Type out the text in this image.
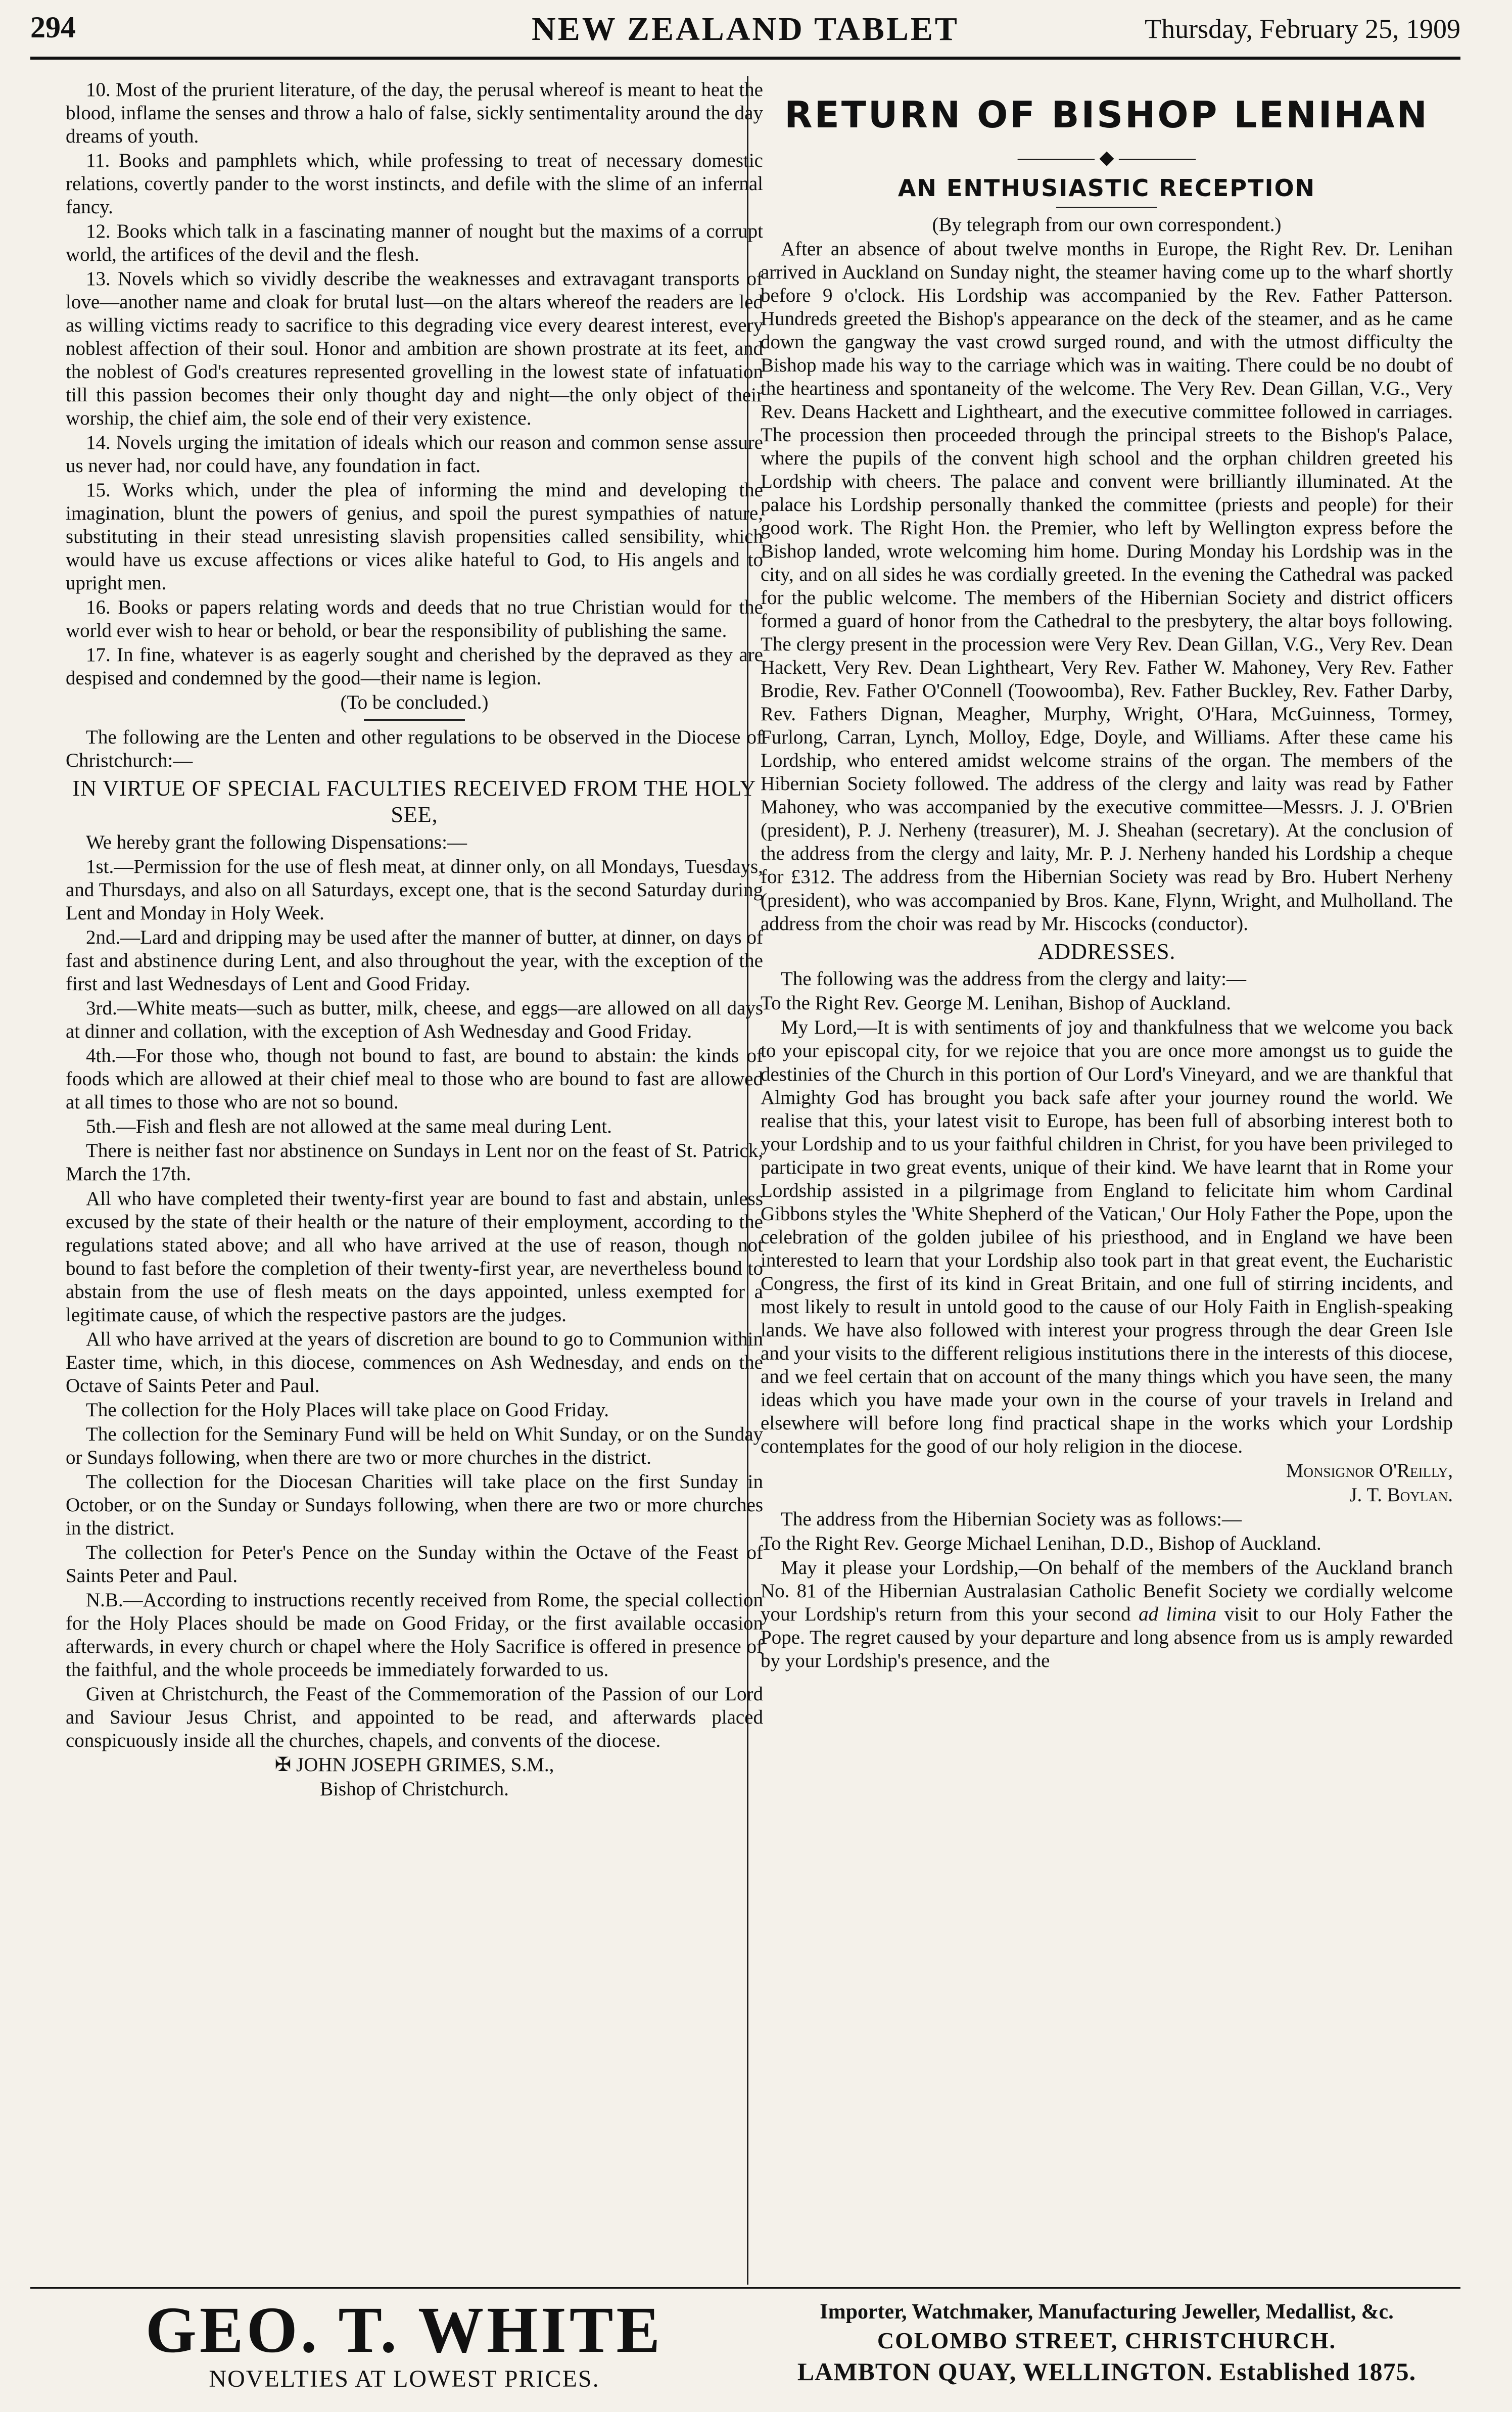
294	NEW ZEALAND TABLET	Thursday, February 25, 1909

10. Most of the prurient literature, of the day, the perusal whereof is meant to heat the blood, inflame the senses and throw a halo of false, sickly sentimentality around the day dreams of youth.

11. Books and pamphlets which, while professing to treat of necessary domestic relations, covertly pander to the worst instincts, and defile with the slime of an infernal fancy.

12. Books which talk in a fascinating manner of nought but the maxims of a corrupt world, the artifices of the devil and the flesh.

13. Novels which so vividly describe the weaknesses and extravagant transports of love—another name and cloak for brutal lust—on the altars whereof the readers are led as willing victims ready to sacrifice to this degrading vice every dearest interest, every noblest affection of their soul. Honor and ambition are shown prostrate at its feet, and the noblest of God's creatures represented grovelling in the lowest state of infatuation till this passion becomes their only thought day and night—the only object of their worship, the chief aim, the sole end of their very existence.

14. Novels urging the imitation of ideals which our reason and common sense assure us never had, nor could have, any foundation in fact.

15. Works which, under the plea of informing the mind and developing the imagination, blunt the powers of genius, and spoil the purest sympathies of nature, substituting in their stead unresisting slavish propensities called sensibility, which would have us excuse affections or vices alike hateful to God, to His angels and to upright men.

16. Books or papers relating words and deeds that no true Christian would for the world ever wish to hear or behold, or bear the responsibility of publishing the same.

17. In fine, whatever is as eagerly sought and cherished by the depraved as they are despised and condemned by the good—their name is legion.

(To be concluded.)

The following are the Lenten and other regulations to be observed in the Diocese of Christchurch:—

IN VIRTUE OF SPECIAL FACULTIES RECEIVED FROM THE HOLY SEE,

We hereby grant the following Dispensations:—

1st.—Permission for the use of flesh meat, at dinner only, on all Mondays, Tuesdays, and Thursdays, and also on all Saturdays, except one, that is the second Saturday during Lent and Monday in Holy Week.

2nd.—Lard and dripping may be used after the manner of butter, at dinner, on days of fast and abstinence during Lent, and also throughout the year, with the exception of the first and last Wednesdays of Lent and Good Friday.

3rd.—White meats—such as butter, milk, cheese, and eggs—are allowed on all days at dinner and collation, with the exception of Ash Wednesday and Good Friday.

4th.—For those who, though not bound to fast, are bound to abstain: the kinds of foods which are allowed at their chief meal to those who are bound to fast are allowed at all times to those who are not so bound.

5th.—Fish and flesh are not allowed at the same meal during Lent.

There is neither fast nor abstinence on Sundays in Lent nor on the feast of St. Patrick, March the 17th.

All who have completed their twenty-first year are bound to fast and abstain, unless excused by the state of their health or the nature of their employment, according to the regulations stated above; and all who have arrived at the use of reason, though not bound to fast before the completion of their twenty-first year, are nevertheless bound to abstain from the use of flesh meats on the days appointed, unless exempted for a legitimate cause, of which the respective pastors are the judges.

All who have arrived at the years of discretion are bound to go to Communion within Easter time, which, in this diocese, commences on Ash Wednesday, and ends on the Octave of Saints Peter and Paul.

The collection for the Holy Places will take place on Good Friday.

The collection for the Seminary Fund will be held on Whit Sunday, or on the Sunday or Sundays following, when there are two or more churches in the district.

The collection for the Diocesan Charities will take place on the first Sunday in October, or on the Sunday or Sundays following, when there are two or more churches in the district.

The collection for Peter's Pence on the Sunday within the Octave of the Feast of Saints Peter and Paul.

N.B.—According to instructions recently received from Rome, the special collection for the Holy Places should be made on Good Friday, or the first available occasion afterwards, in every church or chapel where the Holy Sacrifice is offered in presence of the faithful, and the whole proceeds be immediately forwarded to us.

Given at Christchurch, the Feast of the Commemoration of the Passion of our Lord and Saviour Jesus Christ, and appointed to be read, and afterwards placed conspicuously inside all the churches, chapels, and convents of the diocese.

✠ JOHN JOSEPH GRIMES, S.M.,

Bishop of Christchurch.

RETURN OF BISHOP LENIHAN
———— ◆ ————
AN ENTHUSIASTIC RECEPTION

(By telegraph from our own correspondent.)

After an absence of about twelve months in Europe, the Right Rev. Dr. Lenihan arrived in Auckland on Sunday night, the steamer having come up to the wharf shortly before 9 o'clock. His Lordship was accompanied by the Rev. Father Patterson. Hundreds greeted the Bishop's appearance on the deck of the steamer, and as he came down the gangway the vast crowd surged round, and with the utmost difficulty the Bishop made his way to the carriage which was in waiting. There could be no doubt of the heartiness and spontaneity of the welcome. The Very Rev. Dean Gillan, V.G., Very Rev. Deans Hackett and Lightheart, and the executive committee followed in carriages. The procession then proceeded through the principal streets to the Bishop's Palace, where the pupils of the convent high school and the orphan children greeted his Lordship with cheers. The palace and convent were brilliantly illuminated. At the palace his Lordship personally thanked the committee (priests and people) for their good work. The Right Hon. the Premier, who left by Wellington express before the Bishop landed, wrote welcoming him home. During Monday his Lordship was in the city, and on all sides he was cordially greeted. In the evening the Cathedral was packed for the public welcome. The members of the Hibernian Society and district officers formed a guard of honor from the Cathedral to the presbytery, the altar boys following. The clergy present in the procession were Very Rev. Dean Gillan, V.G., Very Rev. Dean Hackett, Very Rev. Dean Lightheart, Very Rev. Father W. Mahoney, Very Rev. Father Brodie, Rev. Father O'Connell (Toowoomba), Rev. Father Buckley, Rev. Father Darby, Rev. Fathers Dignan, Meagher, Murphy, Wright, O'Hara, McGuinness, Tormey, Furlong, Carran, Lynch, Molloy, Edge, Doyle, and Williams. After these came his Lordship, who entered amidst welcome strains of the organ. The members of the Hibernian Society followed. The address of the clergy and laity was read by Father Mahoney, who was accompanied by the executive committee—Messrs. J. J. O'Brien (president), P. J. Nerheny (treasurer), M. J. Sheahan (secretary). At the conclusion of the address from the clergy and laity, Mr. P. J. Nerheny handed his Lordship a cheque for £312. The address from the Hibernian Society was read by Bro. Hubert Nerheny (president), who was accompanied by Bros. Kane, Flynn, Wright, and Mulholland. The address from the choir was read by Mr. Hiscocks (conductor).

ADDRESSES.

The following was the address from the clergy and laity:—

To the Right Rev. George M. Lenihan, Bishop of Auckland.

My Lord,—It is with sentiments of joy and thankfulness that we welcome you back to your episcopal city, for we rejoice that you are once more amongst us to guide the destinies of the Church in this portion of Our Lord's Vineyard, and we are thankful that Almighty God has brought you back safe after your journey round the world. We realise that this, your latest visit to Europe, has been full of absorbing interest both to your Lordship and to us your faithful children in Christ, for you have been privileged to participate in two great events, unique of their kind. We have learnt that in Rome your Lordship assisted in a pilgrimage from England to felicitate him whom Cardinal Gibbons styles the 'White Shepherd of the Vatican,' Our Holy Father the Pope, upon the celebration of the golden jubilee of his priesthood, and in England we have been interested to learn that your Lordship also took part in that great event, the Eucharistic Congress, the first of its kind in Great Britain, and one full of stirring incidents, and most likely to result in untold good to the cause of our Holy Faith in English-speaking lands. We have also followed with interest your progress through the dear Green Isle and your visits to the different religious institutions there in the interests of this diocese, and we feel certain that on account of the many things which you have seen, the many ideas which you have made your own in the course of your travels in Ireland and elsewhere will before long find practical shape in the works which your Lordship contemplates for the good of our holy religion in the diocese.

Monsignor O'Reilly,

J. T. Boylan.

The address from the Hibernian Society was as follows:—

To the Right Rev. George Michael Lenihan, D.D., Bishop of Auckland.

May it please your Lordship,—On behalf of the members of the Auckland branch No. 81 of the Hibernian Australasian Catholic Benefit Society we cordially welcome your Lordship's return from this your second ad limina visit to our Holy Father the Pope. The regret caused by your departure and long absence from us is amply rewarded by your Lordship's presence, and the

GEO. T. WHITE
NOVELTIES AT LOWEST PRICES.
Importer, Watchmaker, Manufacturing Jeweller, Medallist, &c.
COLOMBO STREET, CHRISTCHURCH.
LAMBTON QUAY, WELLINGTON. Established 1875.
